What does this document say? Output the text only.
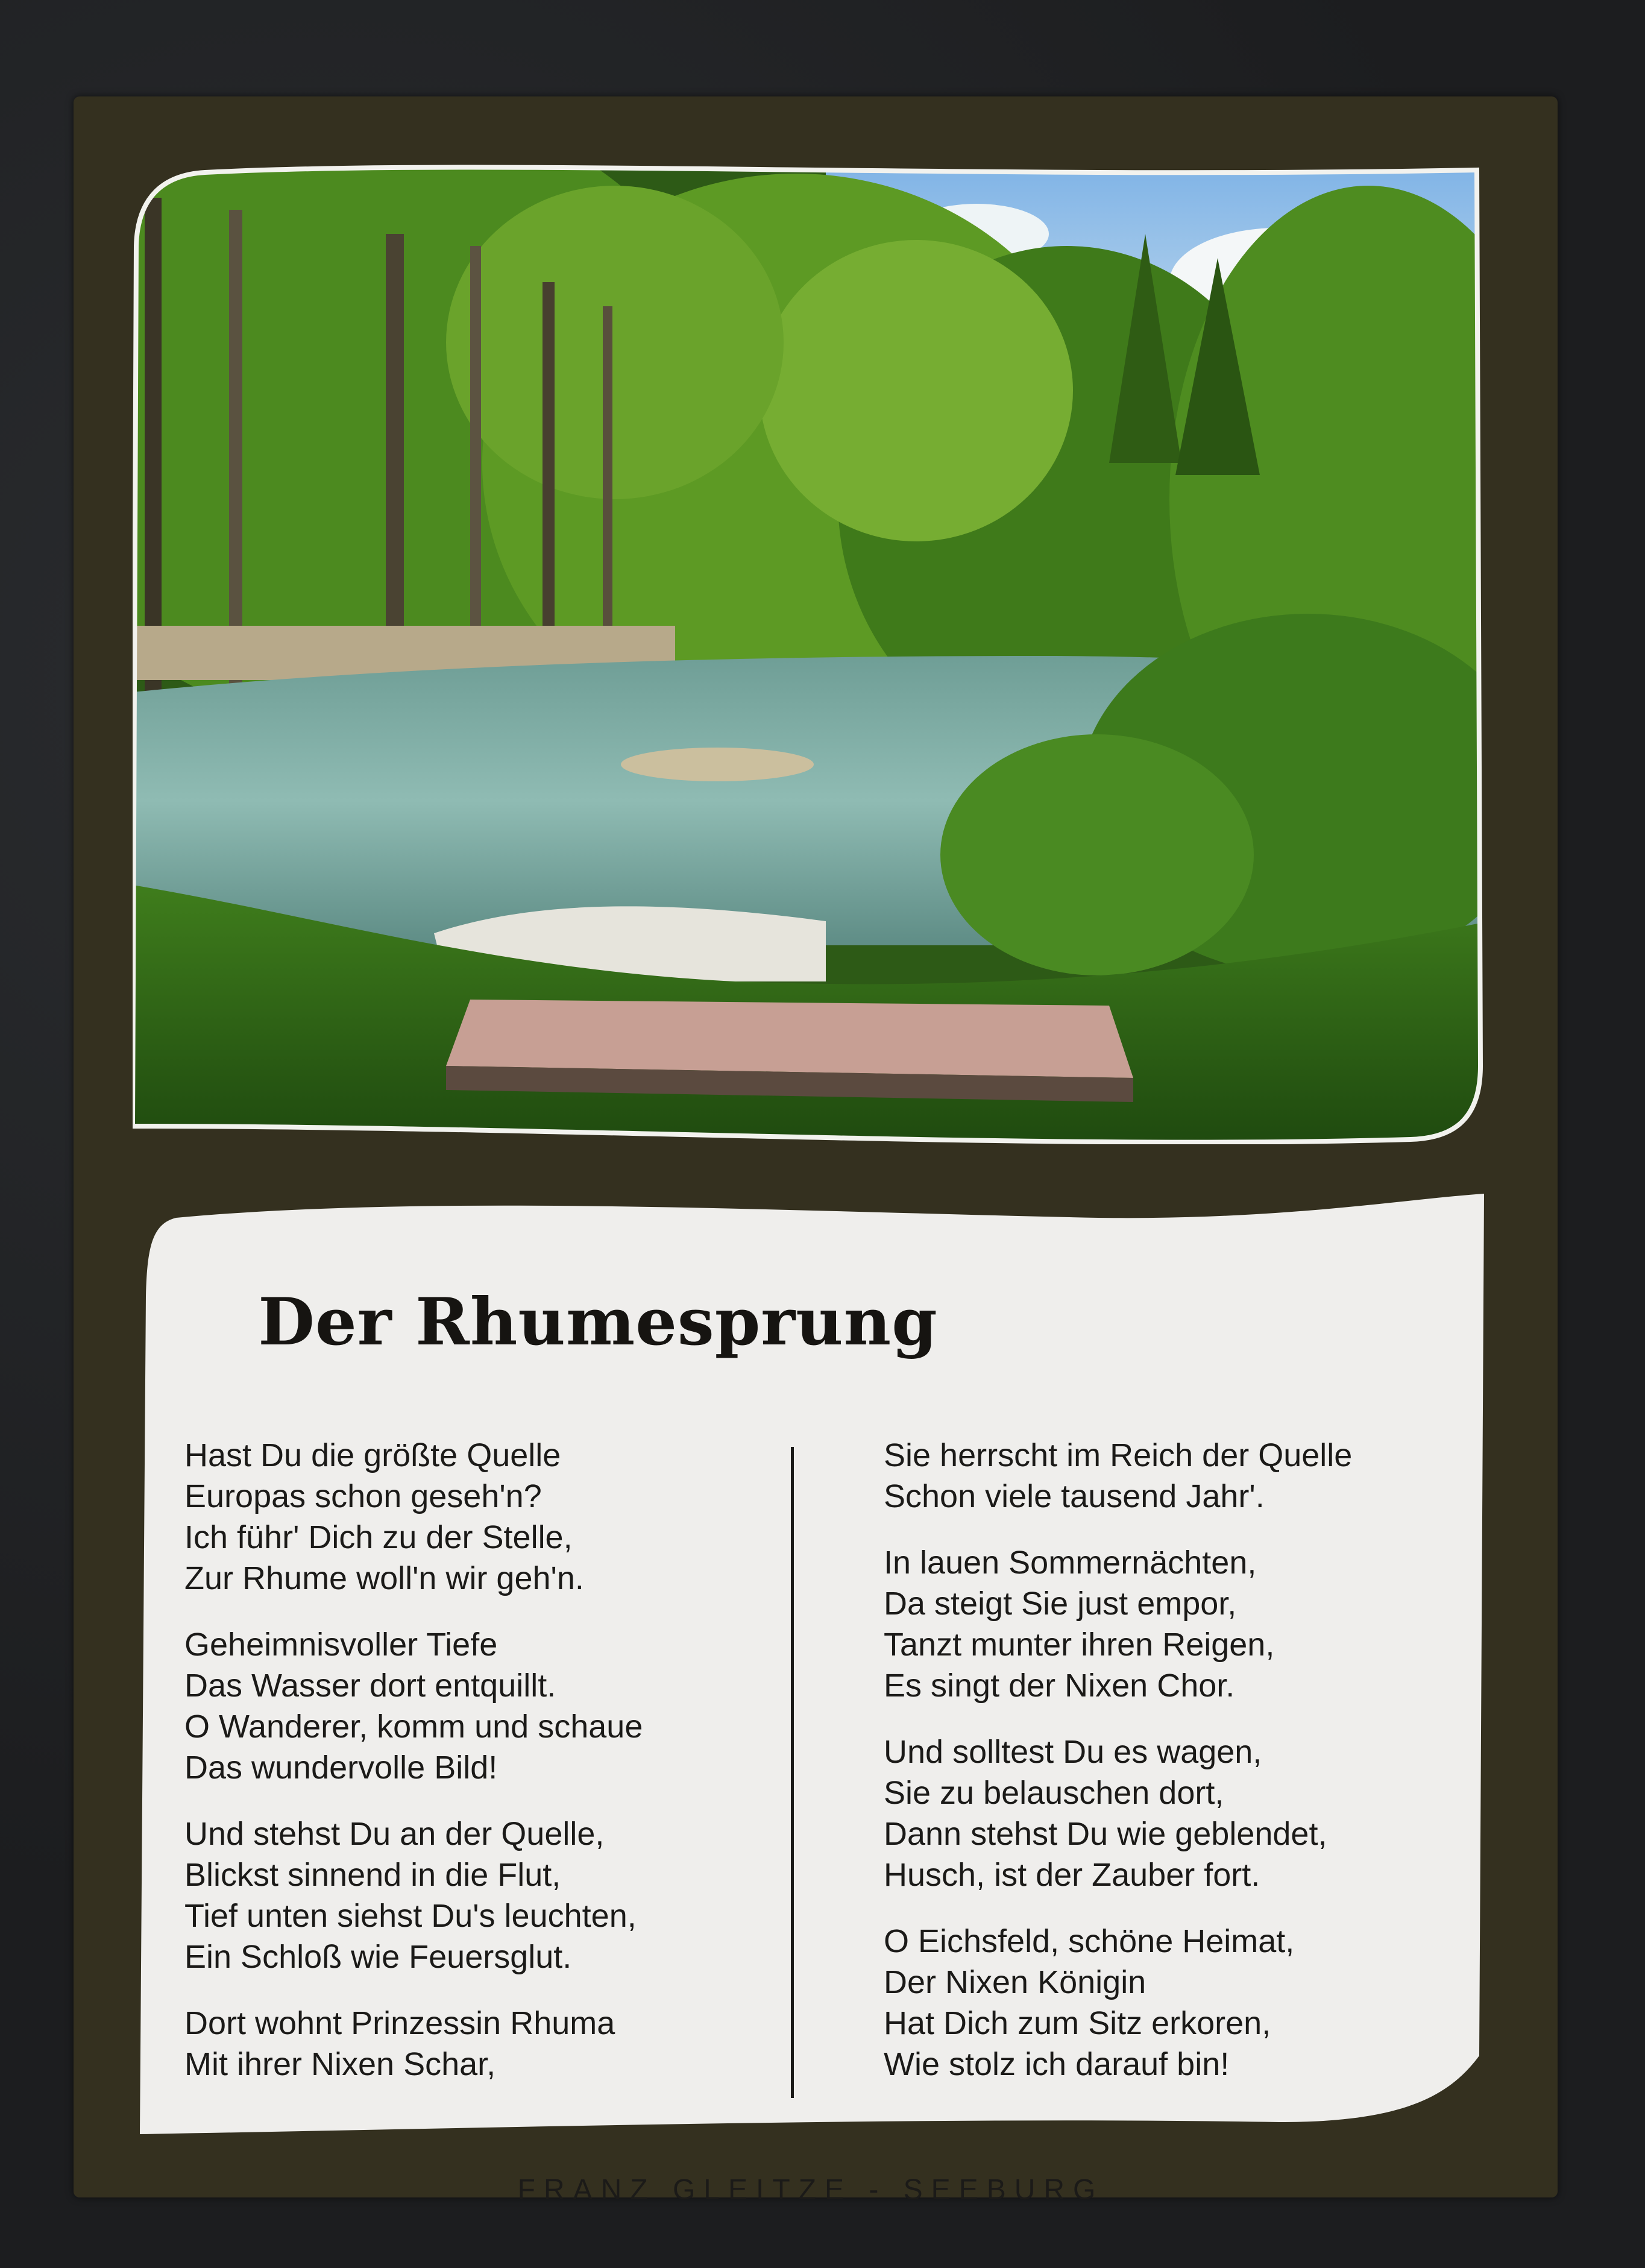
Der Rhumesprung
Hast Du die größte Quelle
Europas schon geseh'n?
Ich führ' Dich zu der Stelle,
Zur Rhume woll'n wir geh'n.
Geheimnisvoller Tiefe
Das Wasser dort entquillt.
O Wanderer, komm und schaue
Das wundervolle Bild!
Und stehst Du an der Quelle,
Blickst sinnend in die Flut,
Tief unten siehst Du's leuchten,
Ein Schloß wie Feuersglut.
Dort wohnt Prinzessin Rhuma
Mit ihrer Nixen Schar,
Sie herrscht im Reich der Quelle
Schon viele tausend Jahr'.
In lauen Sommernächten,
Da steigt Sie just empor,
Tanzt munter ihren Reigen,
Es singt der Nixen Chor.
Und solltest Du es wagen,
Sie zu belauschen dort,
Dann stehst Du wie geblendet,
Husch, ist der Zauber fort.
O Eichsfeld, schöne Heimat,
Der Nixen Königin
Hat Dich zum Sitz erkoren,
Wie stolz ich darauf bin!
FRANZ GLEITZE - SEEBURG
